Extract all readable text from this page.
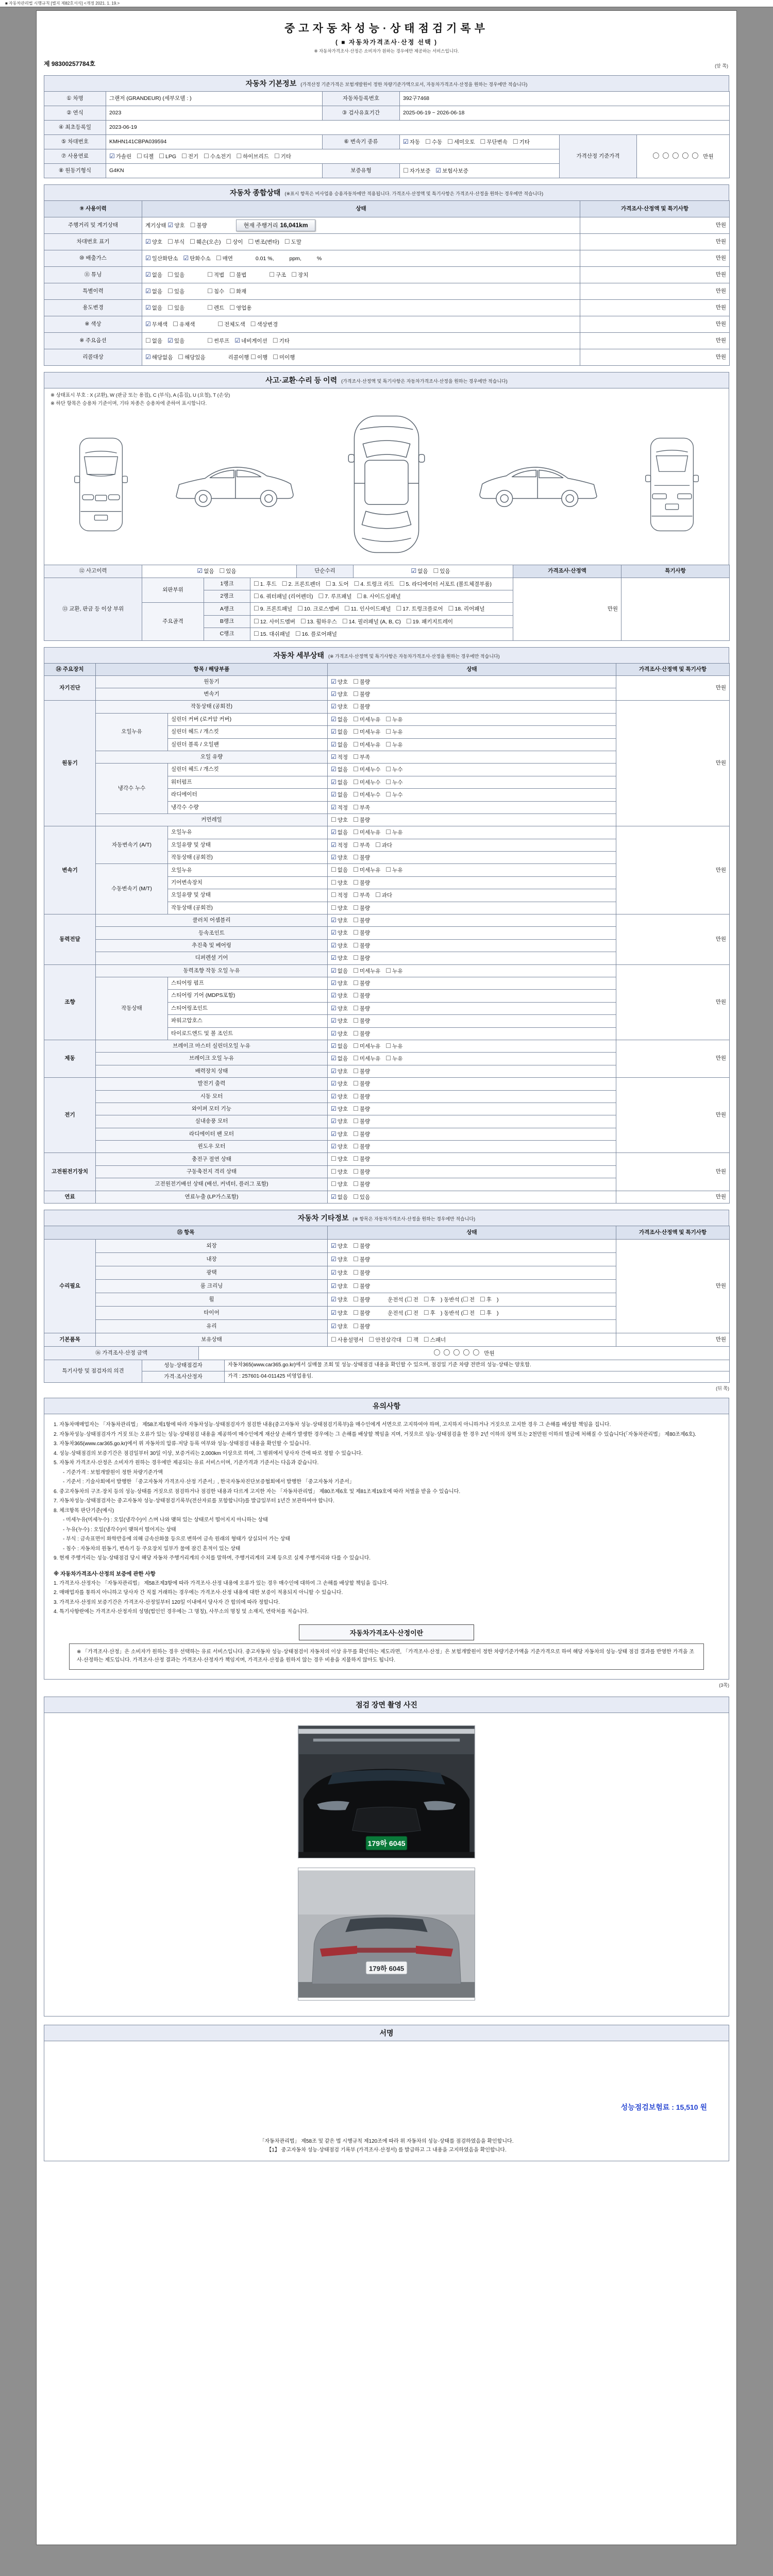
■ 자동차관리법 시행규칙 [별지 제82호서식] <개정 2021. 1. 19.>
중고자동차성능·상태점검기록부
( ■ 자동차가격조사·산정 선택 )
※ 자동차가격조사·산정은 소비자가 원하는 경우에만 제공하는 서비스입니다.
제 98300257784호	(앞 쪽)
자동차 기본정보 (가격산정 기준가격은 보험개발원이 정한 차량기준가액으로서, 자동차가격조사·산정을 원하는 경우에만 적습니다)
① 차명	그랜저 (GRANDEUR) (세부모델 : )	자동차등록번호	392구7468		
② 연식	2023	③ 검사유효기간	2025-06-19 ~ 2026-06-18		
④ 최초등록일	2023-06-19				
⑤ 차대번호	KMHN141CBPA039594	⑥ 변속기 종류	☑ 자동 ☐ 수동 ☐ 세미오토 ☐ 무단변속 ☐ 기타	가격산정 기준가격	〇〇〇〇〇 만원
⑦ 사용연료	☑ 가솔린 ☐ 디젤 ☐ LPG ☐ 전기 ☐ 수소전기 ☐ 하이브리드 ☐ 기타				
⑧ 원동기형식	G4KN	보증유형	☐ 자가보증 ☑ 보험사보증		
자동차 종합상태 (※표시 항목은 비사업용 승용자동차에만 적용됩니다. 가격조사·산정액 및 특기사항은 가격조사·산정을 원하는 경우에만 적습니다)
⑨ 사용이력	상태	가격조사·산정액 및 특기사항
주행거리 및 계기상태	계기상태 ☑ 양호 ☐ 불량 현재 주행거리 16,041km	만원
차대번호 표기	☑ 양호 ☐ 부식 ☐ 훼손(오손) ☐ 상이 ☐ 변조(변타) ☐ 도말	만원
⑩ 배출가스	☑ 일산화탄소 ☑ 탄화수소 ☐ 매연 0.01 %, ppm, %	만원
⑪ 튜닝	☑ 없음 ☐ 있음 ☐ 적법 ☐ 불법 ☐ 구조 ☐ 장치	만원
특별이력	☑ 없음 ☐ 있음 ☐ 침수 ☐ 화재	만원
용도변경	☑ 없음 ☐ 있음 ☐ 렌트 ☐ 영업용	만원
※ 색상	☑ 무채색 ☐ 유채색 ☐ 전체도색 ☐ 색상변경	만원
※ 주요옵션	☐ 없음 ☑ 있음 ☐ 썬루프 ☑ 네비게이션 ☐ 기타	만원
리콜대상	☑ 해당없음 ☐ 해당있음 리콜이행 ☐ 이행 ☐ 미이행	만원
사고·교환·수리 등 이력 (가격조사·산정액 및 특기사항은 자동차가격조사·산정을 원하는 경우에만 적습니다)
※ 상태표시 부호 : X (교환), W (판금 또는 용접), C (부식), A (흠집), U (요철), T (손상)
※ 하단 항목은 승용차 기준이며, 기타 차종은 승용차에 준하여 표시합니다.
⑫ 사고이력	☑ 없음 ☐ 있음	단순수리	☑ 없음 ☐ 있음	가격조사·산정액	특기사항
⑬ 교환, 판금 등 이상 부위	외판부위	1랭크	☐ 1. 후드 ☐ 2. 프론트펜더 ☐ 3. 도어 ☐ 4. 트렁크 리드 ☐ 5. 라디에이터 서포트 (볼트체결부품)	만원	
		2랭크	☐ 6. 쿼터패널 (리어펜더) ☐ 7. 루프패널 ☐ 8. 사이드실패널		
	주요골격	A랭크	☐ 9. 프론트패널 ☐ 10. 크로스멤버 ☐ 11. 인사이드패널 ☐ 17. 트렁크플로어 ☐ 18. 리어패널		
		B랭크	☐ 12. 사이드멤버 ☐ 13. 휠하우스 ☐ 14. 필러패널 (A, B, C) ☐ 19. 패키지트레이		
		C랭크	☐ 15. 대쉬패널 ☐ 16. 플로어패널		
자동차 세부상태 (※ 가격조사·산정액 및 특기사항은 자동차가격조사·산정을 원하는 경우에만 적습니다)
⑭ 주요장치	항목 / 해당부품		상태	가격조사·산정액 및 특기사항
자기진단	원동기		☑ 양호 ☐ 불량	만원
	변속기		☑ 양호 ☐ 불량	
원동기	작동상태 (공회전)		☑ 양호 ☐ 불량	만원
	오일누유	실린더 커버 (로커암 커버)	☑ 없음 ☐ 미세누유 ☐ 누유	
		실린더 헤드 / 개스킷	☑ 없음 ☐ 미세누유 ☐ 누유	
		실린더 블록 / 오일팬	☑ 없음 ☐ 미세누유 ☐ 누유	
	오일 유량		☑ 적정 ☐ 부족	
	냉각수 누수	실린더 헤드 / 개스킷	☑ 없음 ☐ 미세누수 ☐ 누수	
		워터펌프	☑ 없음 ☐ 미세누수 ☐ 누수	
		라디에이터	☑ 없음 ☐ 미세누수 ☐ 누수	
		냉각수 수량	☑ 적정 ☐ 부족	
	커먼레일		☐ 양호 ☐ 불량	
변속기	자동변속기 (A/T)	오일누유	☑ 없음 ☐ 미세누유 ☐ 누유	만원
		오일유량 및 상태	☑ 적정 ☐ 부족 ☐ 과다	
		작동상태 (공회전)	☑ 양호 ☐ 불량	
	수동변속기 (M/T)	오일누유	☐ 없음 ☐ 미세누유 ☐ 누유	
		기어변속장치	☐ 양호 ☐ 불량	
		오일유량 및 상태	☐ 적정 ☐ 부족 ☐ 과다	
		작동상태 (공회전)	☐ 양호 ☐ 불량	
동력전달	클러치 어셈블리		☑ 양호 ☐ 불량	만원
	등속조인트		☑ 양호 ☐ 불량	
	추진축 및 베어링		☑ 양호 ☐ 불량	
	디퍼렌셜 기어		☑ 양호 ☐ 불량	
조향	동력조향 작동 오일 누유		☑ 없음 ☐ 미세누유 ☐ 누유	만원
	작동상태	스티어링 펌프	☑ 양호 ☐ 불량	
		스티어링 기어 (MDPS포함)	☑ 양호 ☐ 불량	
		스티어링조인트	☑ 양호 ☐ 불량	
		파워고압호스	☑ 양호 ☐ 불량	
		타이로드엔드 및 볼 조인트	☑ 양호 ☐ 불량	
제동	브레이크 마스터 실린더오일 누유		☑ 없음 ☐ 미세누유 ☐ 누유	만원
	브레이크 오일 누유		☑ 없음 ☐ 미세누유 ☐ 누유	
	배력장치 상태		☑ 양호 ☐ 불량	
전기	발전기 출력		☑ 양호 ☐ 불량	만원
	시동 모터		☑ 양호 ☐ 불량	
	와이퍼 모터 기능		☑ 양호 ☐ 불량	
	실내송풍 모터		☑ 양호 ☐ 불량	
	라디에이터 팬 모터		☑ 양호 ☐ 불량	
	윈도우 모터		☑ 양호 ☐ 불량	
고전원전기장치	충전구 절연 상태		☐ 양호 ☐ 불량	만원
	구동축전지 격리 상태		☐ 양호 ☐ 불량	
	고전원전기배선 상태 (배선, 커넥터, 플러그 포함)		☐ 양호 ☐ 불량	
연료	연료누출 (LP가스포함)		☑ 없음 ☐ 있음	만원
자동차 기타정보 (※ 항목은 자동차가격조사·산정을 원하는 경우에만 적습니다)
⑮ 항목		상태	가격조사·산정액 및 특기사항
수리필요	외장	☑ 양호 ☐ 불량	만원
	내장	☑ 양호 ☐ 불량	
	광택	☑ 양호 ☐ 불량	
	룸 크리닝	☑ 양호 ☐ 불량	
	휠	☑ 양호 ☐ 불량 운전석 (☐ 전 ☐ 후 ) 동반석 (☐ 전 ☐ 후 )	
	타이어	☑ 양호 ☐ 불량 운전석 (☐ 전 ☐ 후 ) 동반석 (☐ 전 ☐ 후 )	
	유리	☑ 양호 ☐ 불량	
기본품목	보유상태	☐ 사용설명서 ☐ 안전삼각대 ☐ 잭 ☐ 스패너	만원
⑯ 가격조사·산정 금액	〇〇〇〇〇 만원
특기사항 및 점검자의 의견	성능·상태점검자	자동차365(www.car365.go.kr)에서 실매물 조회 및 성능·상태점검 내용을 확인할 수 있으며, 점검일 기준 차량 전반의 성능·상태는 양호함.
	가격·조사산정자	가격 : 257601-04-011425 비영업용임.
(뒤 쪽)
유의사항
1. 자동차매매업자는 「자동차관리법」 제58조제1항에 따라 자동차성능·상태점검자가 점검한 내용(중고자동차 성능·상태점검기록부)을 매수인에게 서면으로 고지하여야 하며, 고지하지 아니하거나 거짓으로 고지한 경우 그 손해를 배상할 책임을 집니다.
2. 자동차성능·상태점검자가 거짓 또는 오류가 있는 성능·상태점검 내용을 제공하여 매수인에게 재산상 손해가 발생한 경우에는 그 손해를 배상할 책임을 지며, 거짓으로 성능·상태점검을 한 경우 2년 이하의 징역 또는 2천만원 이하의 벌금에 처해질 수 있습니다(「자동차관리법」 제80조제6호).
3. 자동차365(www.car365.go.kr)에서 위 자동차의 압류·저당 등록 여부와 성능·상태점검 내용을 확인할 수 있습니다.
4. 성능·상태점검의 보증기간은 점검일부터 30일 이상, 보증거리는 2,000km 이상으로 하며, 그 범위에서 당사자 간에 따로 정할 수 있습니다.
5. 자동차 가격조사·산정은 소비자가 원하는 경우에만 제공되는 유료 서비스이며, 기준가격과 기준서는 다음과 같습니다.
- 기준가격 : 보험개발원이 정한 차량기준가액
- 기준서 : 기술사회에서 발행한 「중고자동차 가격조사·산정 기준서」, 한국자동차진단보증협회에서 발행한 「중고자동차 기준서」
6. 중고자동차의 구조·장치 등의 성능·상태를 거짓으로 점검하거나 점검한 내용과 다르게 고지한 자는 「자동차관리법」 제80조제6호 및 제81조제19호에 따라 처벌을 받을 수 있습니다.
7. 자동차성능·상태점검자는 중고자동차 성능·상태점검기록부(전산자료를 포함합니다)를 발급일부터 1년간 보관하여야 합니다.
8. 체크항목 판단기준(예시)
- 미세누유(미세누수) : 오일(냉각수)이 스며 나와 맺혀 있는 상태로서 떨어지지 아니하는 상태
- 누유(누수) : 오일(냉각수)이 맺혀서 떨어지는 상태
- 부식 : 금속표면이 화학반응에 의해 금속산화물 등으로 변하여 금속 원래의 형태가 상실되어 가는 상태
- 침수 : 자동차의 원동기, 변속기 등 주요장치 일부가 물에 잠긴 흔적이 있는 상태
9. 현재 주행거리는 성능·상태점검 당시 해당 자동차 주행거리계의 수치를 말하며, 주행거리계의 교체 등으로 실제 주행거리와 다를 수 있습니다.
※ 자동차가격조사·산정의 보증에 관한 사항
1. 가격조사·산정자는 「자동차관리법」 제58조제3항에 따라 가격조사·산정 내용에 오류가 있는 경우 매수인에 대하여 그 손해를 배상할 책임을 집니다.
2. 매매업자를 통하지 아니하고 당사자 간 직접 거래하는 경우에는 가격조사·산정 내용에 대한 보증이 적용되지 아니할 수 있습니다.
3. 가격조사·산정의 보증기간은 가격조사·산정일부터 120일 이내에서 당사자 간 합의에 따라 정합니다.
4. 특기사항란에는 가격조사·산정자의 성명(법인인 경우에는 그 명칭), 사무소의 명칭 및 소재지, 연락처를 적습니다.
자동차가격조사·산정이란
※ 「가격조사·산정」은 소비자가 원하는 경우 선택하는 유료 서비스입니다. 중고자동차 성능·상태점검이 자동차의 이상 유무를 확인하는 제도라면, 「가격조사·산정」은 보험개발원이 정한 차량기준가액을 기준가격으로 하여 해당 자동차의 성능·상태 점검 결과를 반영한 가격을 조사·산정하는 제도입니다. 가격조사·산정 결과는 가격조사·산정자가 책임지며, 가격조사·산정을 원하지 않는 경우 비용을 지불하지 않아도 됩니다.
(3쪽)
점검 장면 촬영 사진
179하 6045
179하 6045
서명
성능점검보험료 : 15,510 원
「자동차관리법」 제58조 및 같은 법 시행규칙 제120조에 따라 위 자동차의 성능·상태를 점검하였음을 확인합니다.
【1】 중고자동차 성능·상태점검 기록부 (가격조사·산정서) 를 발급하고 그 내용을 고지하였음을 확인합니다.
